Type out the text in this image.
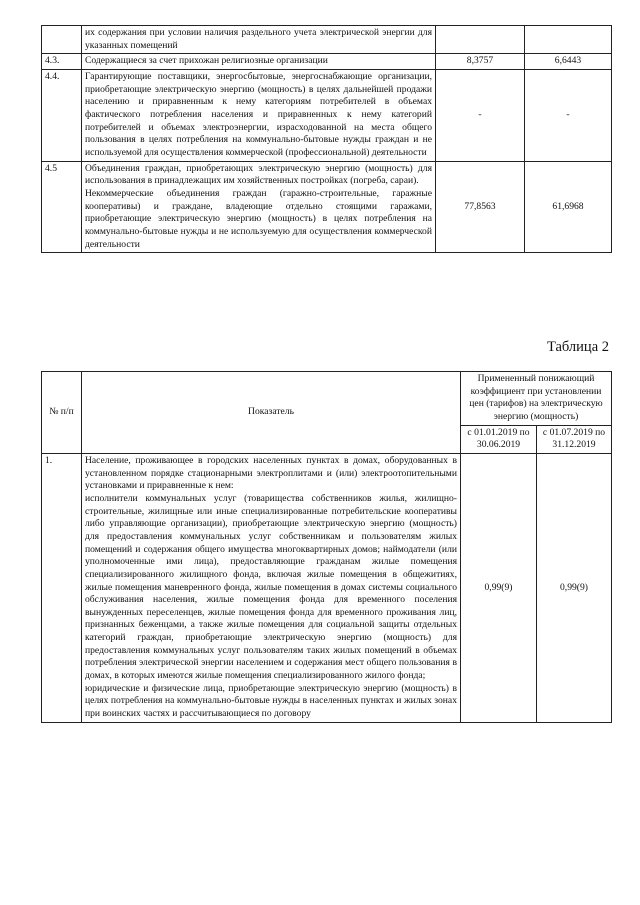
	их содержания при условии наличия раздельного учета электрической энергии для указанных помещений		
4.3.	Содержащиеся за счет прихожан религиозные организации	8,3757	6,6443
4.4.	Гарантирующие поставщики, энергосбытовые, энергоснабжающие организации, приобретающие электрическую энергию (мощность) в целях дальнейшей продажи населению и приравненным к нему категориям потребителей в объемах фактического потребления населения и приравненных к нему категорий потребителей и объемах электроэнергии, израсходованной на места общего пользования в целях потребления на коммунально-бытовые нужды граждан и не используемой для осуществления коммерческой (профессиональной) деятельности	-	-
4.5	Объединения граждан, приобретающих электрическую энергию (мощность) для использования в принадлежащих им хозяйственных постройках (погреба, сараи).
Некоммерческие объединения граждан (гаражно-строительные, гаражные кооперативы) и граждане, владеющие отдельно стоящими гаражами, приобретающие электрическую энергию (мощность) в целях потребления на коммунально-бытовые нужды и не используемую для осуществления коммерческой деятельности	77,8563	61,6968
Таблица 2
№ п/п	Показатель	Примененный понижающий коэффициент при установлении цен (тарифов) на электрическую энергию (мощность)	
		с 01.01.2019 по 30.06.2019	с 01.07.2019 по 31.12.2019
1.	Население, проживающее в городских населенных пунктах в домах, оборудованных в установленном порядке стационарными электроплитами и (или) электроотопительными установками и приравненные к нем:
исполнители коммунальных услуг (товарищества собственников жилья, жилищно-строительные, жилищные или иные специализированные потребительские кооперативы либо управляющие организации), приобретающие электрическую энергию (мощность) для предоставления коммунальных услуг собственникам и пользователям жилых помещений и содержания общего имущества многоквартирных домов; наймодатели (или уполномоченные ими лица), предоставляющие гражданам жилые помещения специализированного жилищного фонда, включая жилые помещения в общежитиях, жилые помещения маневренного фонда, жилые помещения в домах системы социального обслуживания населения, жилые помещения фонда для временного поселения вынужденных переселенцев, жилые помещения фонда для временного проживания лиц, признанных беженцами, а также жилые помещения для социальной защиты отдельных категорий граждан, приобретающие электрическую энергию (мощность) для предоставления коммунальных услуг пользователям таких жилых помещений в объемах потребления электрической энергии населением и содержания мест общего пользования в домах, в которых имеются жилые помещения специализированного жилого фонда;
юридические и физические лица, приобретающие электрическую энергию (мощность) в целях потребления на коммунально-бытовые нужды в населенных пунктах и жилых зонах при воинских частях и рассчитывающиеся по договору	0,99(9)	0,99(9)
